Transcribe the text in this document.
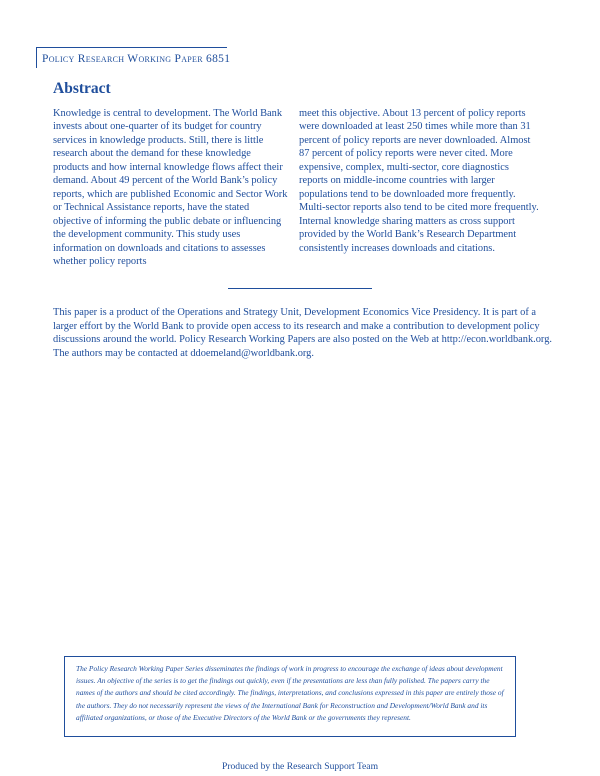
Policy Research Working Paper 6851

Abstract

Knowledge is central to development. The World Bank invests about one-quarter of its budget for country services in knowledge products. Still, there is little research about the demand for these knowledge products and how internal knowledge flows affect their demand. About 49 percent of the World Bank’s policy reports, which are published Economic and Sector Work or Technical Assistance reports, have the stated objective of informing the public debate or influencing the development community. This study uses information on downloads and citations to assesses whether policy reports

meet this objective. About 13 percent of policy reports were downloaded at least 250 times while more than 31 percent of policy reports are never downloaded. Almost 87 percent of policy reports were never cited. More expensive, complex, multi-sector, core diagnostics reports on middle-income countries with larger populations tend to be downloaded more frequently. Multi-sector reports also tend to be cited more frequently. Internal knowledge sharing matters as cross support provided by the World Bank’s Research Department consistently increases downloads and citations.

This paper is a product of the Operations and Strategy Unit, Development Economics Vice Presidency. It is part of a larger effort by the World Bank to provide open access to its research and make a contribution to development policy discussions around the world. Policy Research Working Papers are also posted on the Web at http://econ.worldbank.org. The authors may be contacted at ddoemeland@worldbank.org.

The Policy Research Working Paper Series disseminates the findings of work in progress to encourage the exchange of ideas about development issues. An objective of the series is to get the findings out quickly, even if the presentations are less than fully polished. The papers carry the names of the authors and should be cited accordingly. The findings, interpretations, and conclusions expressed in this paper are entirely those of the authors. They do not necessarily represent the views of the International Bank for Reconstruction and Development/World Bank and its affiliated organizations, or those of the Executive Directors of the World Bank or the governments they represent.

Produced by the Research Support Team
